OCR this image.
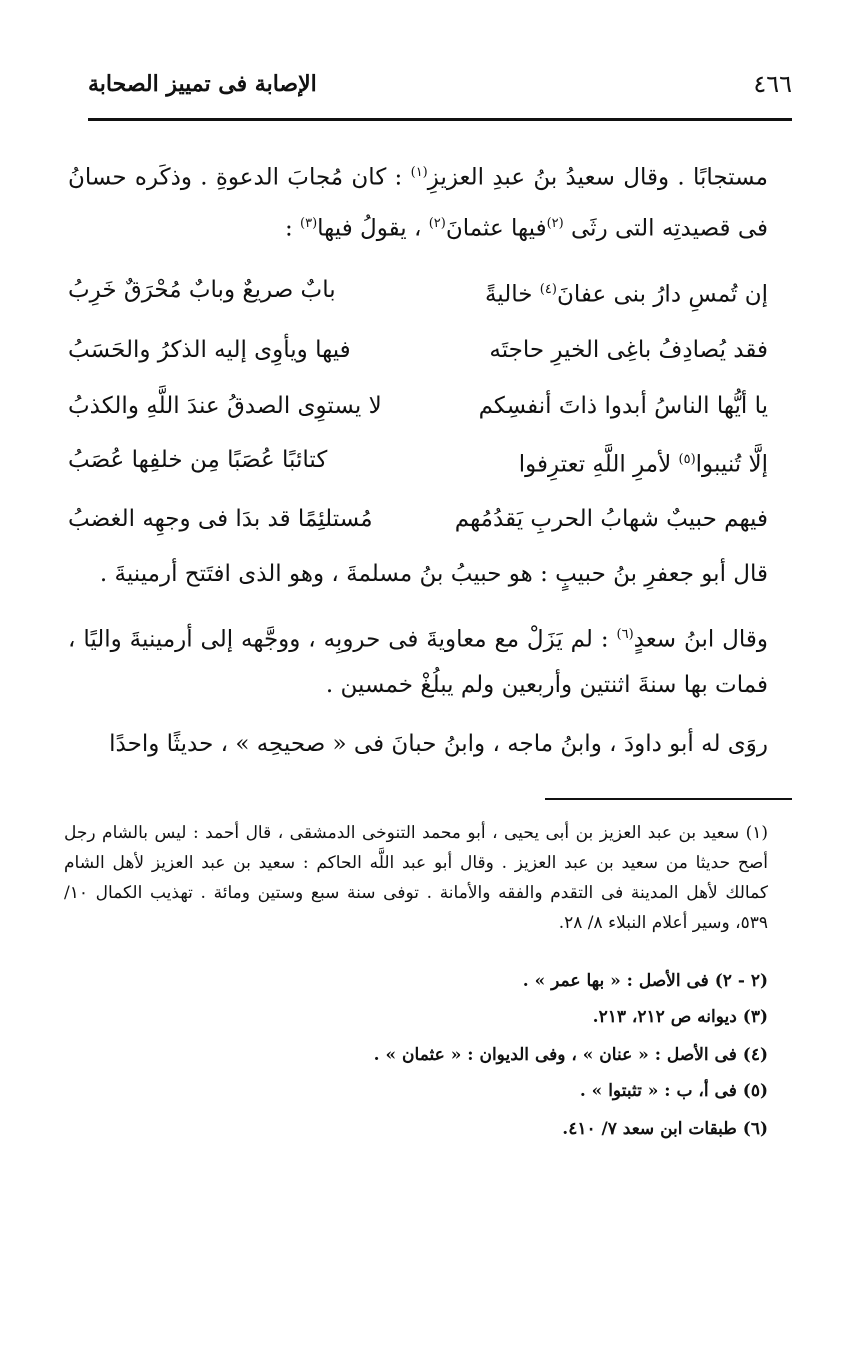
الإصابة فى تمييز الصحابة	٤٦٦
مستجابًا . وقال سعيدُ بنُ عبدِ العزيزِ$^{(١)}$ : كان مُجابَ الدعوةِ . وذكَره حسانُ فى قصيدتِه التى رثَى $^{(٢)}$فيها عثمانَ$^{(٢)}$ ، يقولُ فيها$^{(٣)}$ :
إن تُمسِ دارُ بنى عفانَ$^{(٤)}$ خاليةً
بابٌ صريعٌ وبابٌ مُحْرَقٌ خَرِبُ
فقد يُصادِفُ باغِى الخيرِ حاجتَه
فيها ويأوِى إليه الذكرُ والحَسَبُ
يا أيُّها الناسُ أبدوا ذاتَ أنفسِكم
لا يستوِى الصدقُ عندَ اللَّهِ والكذبُ
إلَّا تُنيبوا$^{(٥)}$ لأمرِ اللَّهِ تعترِفوا
كتائبًا عُصَبًا مِن خلفِها عُصَبُ
فيهم حبيبٌ شهابُ الحربِ يَقدُمُهم
مُستلئِمًا قد بدَا فى وجهِه الغضبُ
قال أبو جعفرِ بنُ حبيبٍ : هو حبيبُ بنُ مسلمةَ ، وهو الذى افتَتح أرمينيةَ .
وقال ابنُ سعدٍ$^{(٦)}$ : لم يَزَلْ مع معاويةَ فى حروبِه ، ووجَّهه إلى أرمينيةَ واليًا ، فمات بها سنةَ اثنتين وأربعين ولم يبلُغْ خمسين .
روَى له أبو داودَ ، وابنُ ماجه ، وابنُ حبانَ فى « صحيحِه » ، حديثًا واحدًا
(١) سعيد بن عبد العزيز بن أبى يحيى ، أبو محمد التنوخى الدمشقى ، قال أحمد : ليس بالشام رجل أصح حديثا من سعيد بن عبد العزيز . وقال أبو عبد اللَّه الحاكم : سعيد بن عبد العزيز لأهل الشام كمالك لأهل المدينة فى التقدم والفقه والأمانة . توفى سنة سبع وستين ومائة . تهذيب الكمال ١٠/ ٥٣٩، وسير أعلام النبلاء ٨/ ٢٨.
(٢ - ٢) فى الأصل : « بها عمر » .
(٣) ديوانه ص ٢١٢، ٢١٣.
(٤) فى الأصل : « عنان » ، وفى الديوان : « عثمان » .
(٥) فى أ، ب : « تثبتوا » .
(٦) طبقات ابن سعد ٧/ ٤١٠.
